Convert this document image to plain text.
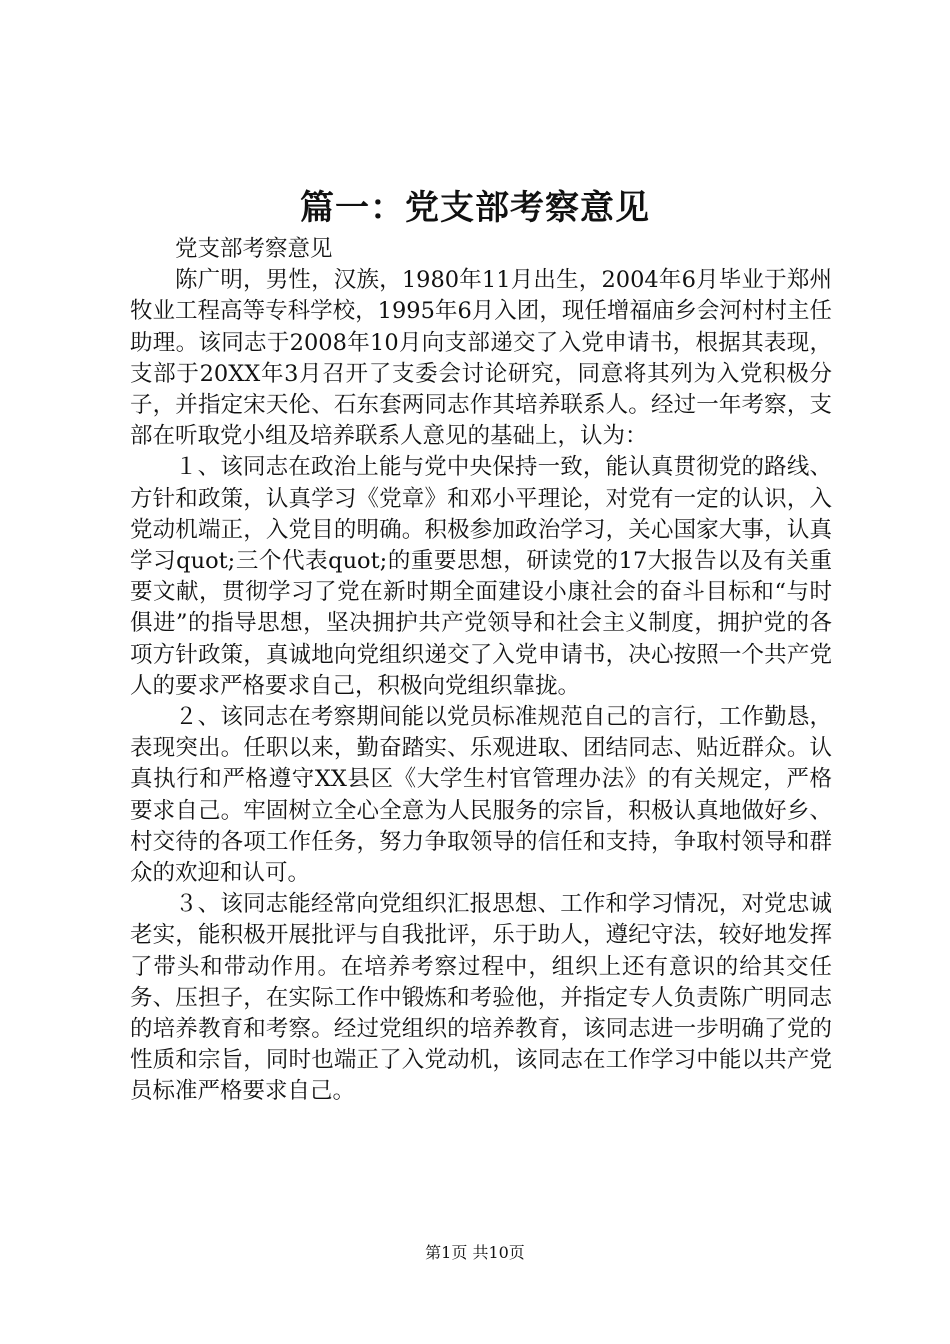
篇一：党支部考察意见

党支部考察意见

陈广明，男性，汉族，1980年11月出生，2004年6月毕业于郑州牧业工程高等专科学校，1995年6月入团，现任增福庙乡会河村村主任助理。该同志于2008年10月向支部递交了入党申请书，根据其表现，支部于20XX年3月召开了支委会讨论研究，同意将其列为入党积极分子，并指定宋天伦、石东套两同志作其培养联系人。经过一年考察，支部在听取党小组及培养联系人意见的基础上，认为：

１、该同志在政治上能与党中央保持一致，能认真贯彻党的路线、方针和政策，认真学习《党章》和邓小平理论，对党有一定的认识，入党动机端正，入党目的明确。积极参加政治学习，关心国家大事，认真学习quot;三个代表quot;的重要思想，研读党的17大报告以及有关重要文献，贯彻学习了党在新时期全面建设小康社会的奋斗目标和“与时俱进”的指导思想，坚决拥护共产党领导和社会主义制度，拥护党的各项方针政策，真诚地向党组织递交了入党申请书，决心按照一个共产党人的要求严格要求自己，积极向党组织靠拢。

２、该同志在考察期间能以党员标准规范自己的言行，工作勤恳，表现突出。任职以来，勤奋踏实、乐观进取、团结同志、贴近群众。认真执行和严格遵守XX县区《大学生村官管理办法》的有关规定，严格要求自己。牢固树立全心全意为人民服务的宗旨，积极认真地做好乡、村交待的各项工作任务，努力争取领导的信任和支持，争取村领导和群众的欢迎和认可。

３、该同志能经常向党组织汇报思想、工作和学习情况，对党忠诚老实，能积极开展批评与自我批评，乐于助人，遵纪守法，较好地发挥了带头和带动作用。在培养考察过程中，组织上还有意识的给其交任务、压担子，在实际工作中锻炼和考验他，并指定专人负责陈广明同志的培养教育和考察。经过党组织的培养教育，该同志进一步明确了党的性质和宗旨，同时也端正了入党动机，该同志在工作学习中能以共产党员标准严格要求自己。

第1页 共10页
